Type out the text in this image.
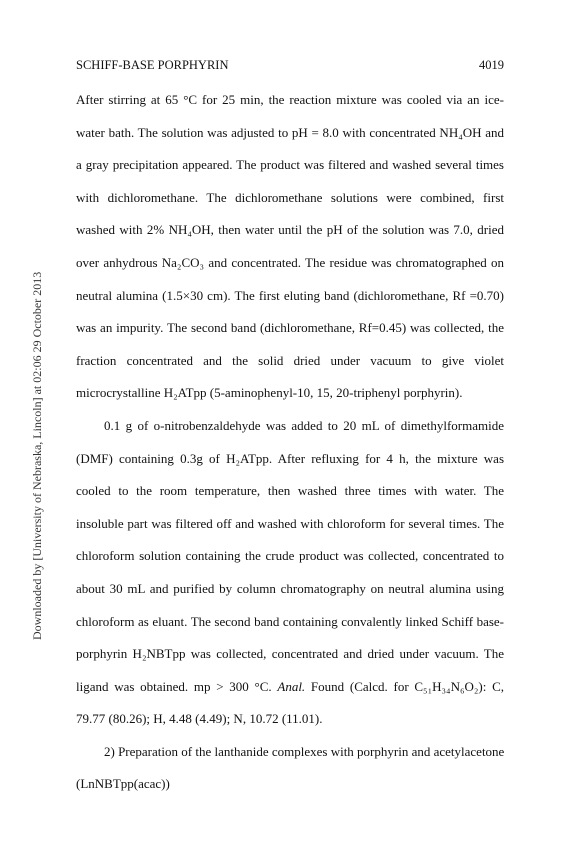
SCHIFF-BASE PORPHYRIN	4019
Downloaded by [University of Nebraska, Lincoln] at 02:06 29 October 2013

After stirring at 65 °C for 25 min, the reaction mixture was cooled via an ice-water bath. The solution was adjusted to pH = 8.0 with concentrated NH₄OH and a gray precipitation appeared. The product was filtered and washed several times with dichloromethane. The dichloromethane solutions were combined, first washed with 2% NH₄OH, then water until the pH of the solution was 7.0, dried over anhydrous Na₂CO₃ and concentrated. The residue was chromatographed on neutral alumina (1.5×30 cm). The first eluting band (dichloromethane, Rf =0.70) was an impurity. The second band (dichloromethane, Rf=0.45) was collected, the fraction concentrated and the solid dried under vacuum to give violet microcrystalline H₂ATpp (5-aminophenyl-10, 15, 20-triphenyl porphyrin).

0.1 g of o-nitrobenzaldehyde was added to 20 mL of dimethylformamide (DMF) containing 0.3g of H₂ATpp. After refluxing for 4 h, the mixture was cooled to the room temperature, then washed three times with water. The insoluble part was filtered off and washed with chloroform for several times. The chloroform solution containing the crude product was collected, concentrated to about 30 mL and purified by column chromatography on neutral alumina using chloroform as eluant. The second band containing convalently linked Schiff base-porphyrin H₂NBTpp was collected, concentrated and dried under vacuum. The ligand was obtained. mp > 300 °C. Anal. Found (Calcd. for C₅₁H₃₄N₆O₂): C, 79.77 (80.26); H, 4.48 (4.49); N, 10.72 (11.01).

2) Preparation of the lanthanide complexes with porphyrin and acetylacetone

(LnNBTpp(acac))
